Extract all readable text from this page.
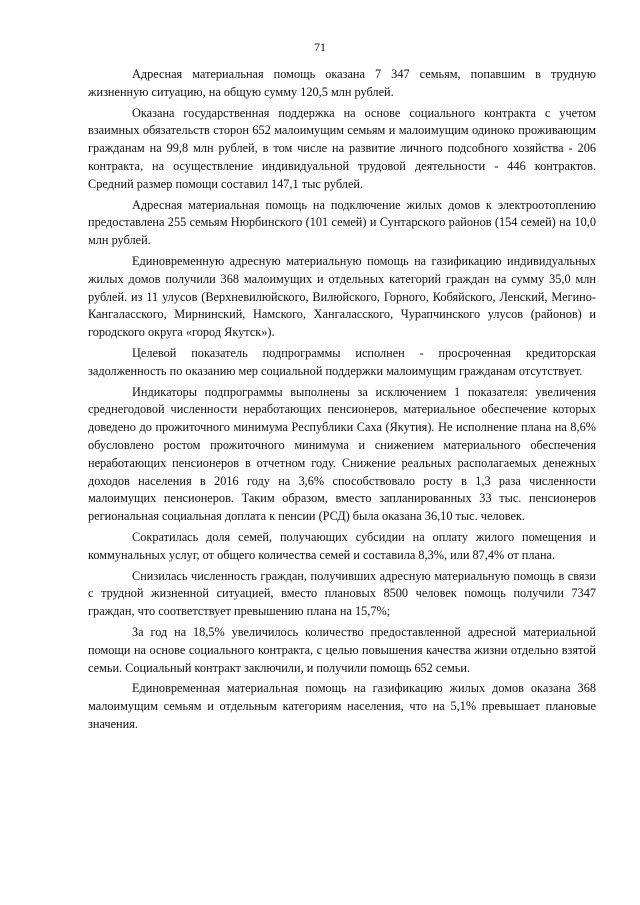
71

Адресная материальная помощь оказана 7 347 семьям, попавшим в трудную жизненную ситуацию, на общую сумму 120,5 млн рублей.

Оказана государственная поддержка на основе социального контракта с учетом взаимных обязательств сторон 652 малоимущим семьям и малоимущим одиноко проживающим гражданам на 99,8 млн рублей, в том числе на развитие личного подсобного хозяйства - 206 контракта, на осуществление индивидуальной трудовой деятельности - 446 контрактов. Средний размер помощи составил 147,1 тыс рублей.

Адресная материальная помощь на подключение жилых домов к электроотоплению предоставлена 255 семьям Нюрбинского (101 семей) и Сунтарского районов (154 семей) на 10,0 млн рублей.

Единовременную адресную материальную помощь на газификацию индивидуальных жилых домов получили 368 малоимущих и отдельных категорий граждан на сумму 35,0 млн рублей. из 11 улусов (Верхневилюйского, Вилюйского, Горного, Кобяйского, Ленский, Мегино-Кангаласского, Мирнинский, Намского, Хангаласского, Чурапчинского улусов (районов) и городского округа «город Якутск»).

Целевой показатель подпрограммы исполнен - просроченная кредиторская задолженность по оказанию мер социальной поддержки малоимущим гражданам отсутствует.

Индикаторы подпрограммы выполнены за исключением 1 показателя: увеличения среднегодовой численности неработающих пенсионеров, материальное обеспечение которых доведено до прожиточного минимума Республики Саха (Якутия). Не исполнение плана на 8,6% обусловлено ростом прожиточного минимума и снижением материального обеспечения неработающих пенсионеров в отчетном году. Снижение реальных располагаемых денежных доходов населения в 2016 году на 3,6% способствовало росту в 1,3 раза численности малоимущих пенсионеров. Таким образом, вместо запланированных 33 тыс. пенсионеров региональная социальная доплата к пенсии (РСД) была оказана 36,10 тыс. человек.

Сократилась доля семей, получающих субсидии на оплату жилого помещения и коммунальных услуг, от общего количества семей и составила 8,3%, или 87,4% от плана.

Снизилась численность граждан, получивших адресную материальную помощь в связи с трудной жизненной ситуацией, вместо плановых 8500 человек помощь получили 7347 граждан, что соответствует превышению плана на 15,7%;

За год на 18,5% увеличилось количество предоставленной адресной материальной помощи на основе социального контракта, с целью повышения качества жизни отдельно взятой семьи. Социальный контракт заключили, и получили помощь 652 семьи.

Единовременная материальная помощь на газификацию жилых домов оказана 368 малоимущим семьям и отдельным категориям населения, что на 5,1% превышает плановые значения.
